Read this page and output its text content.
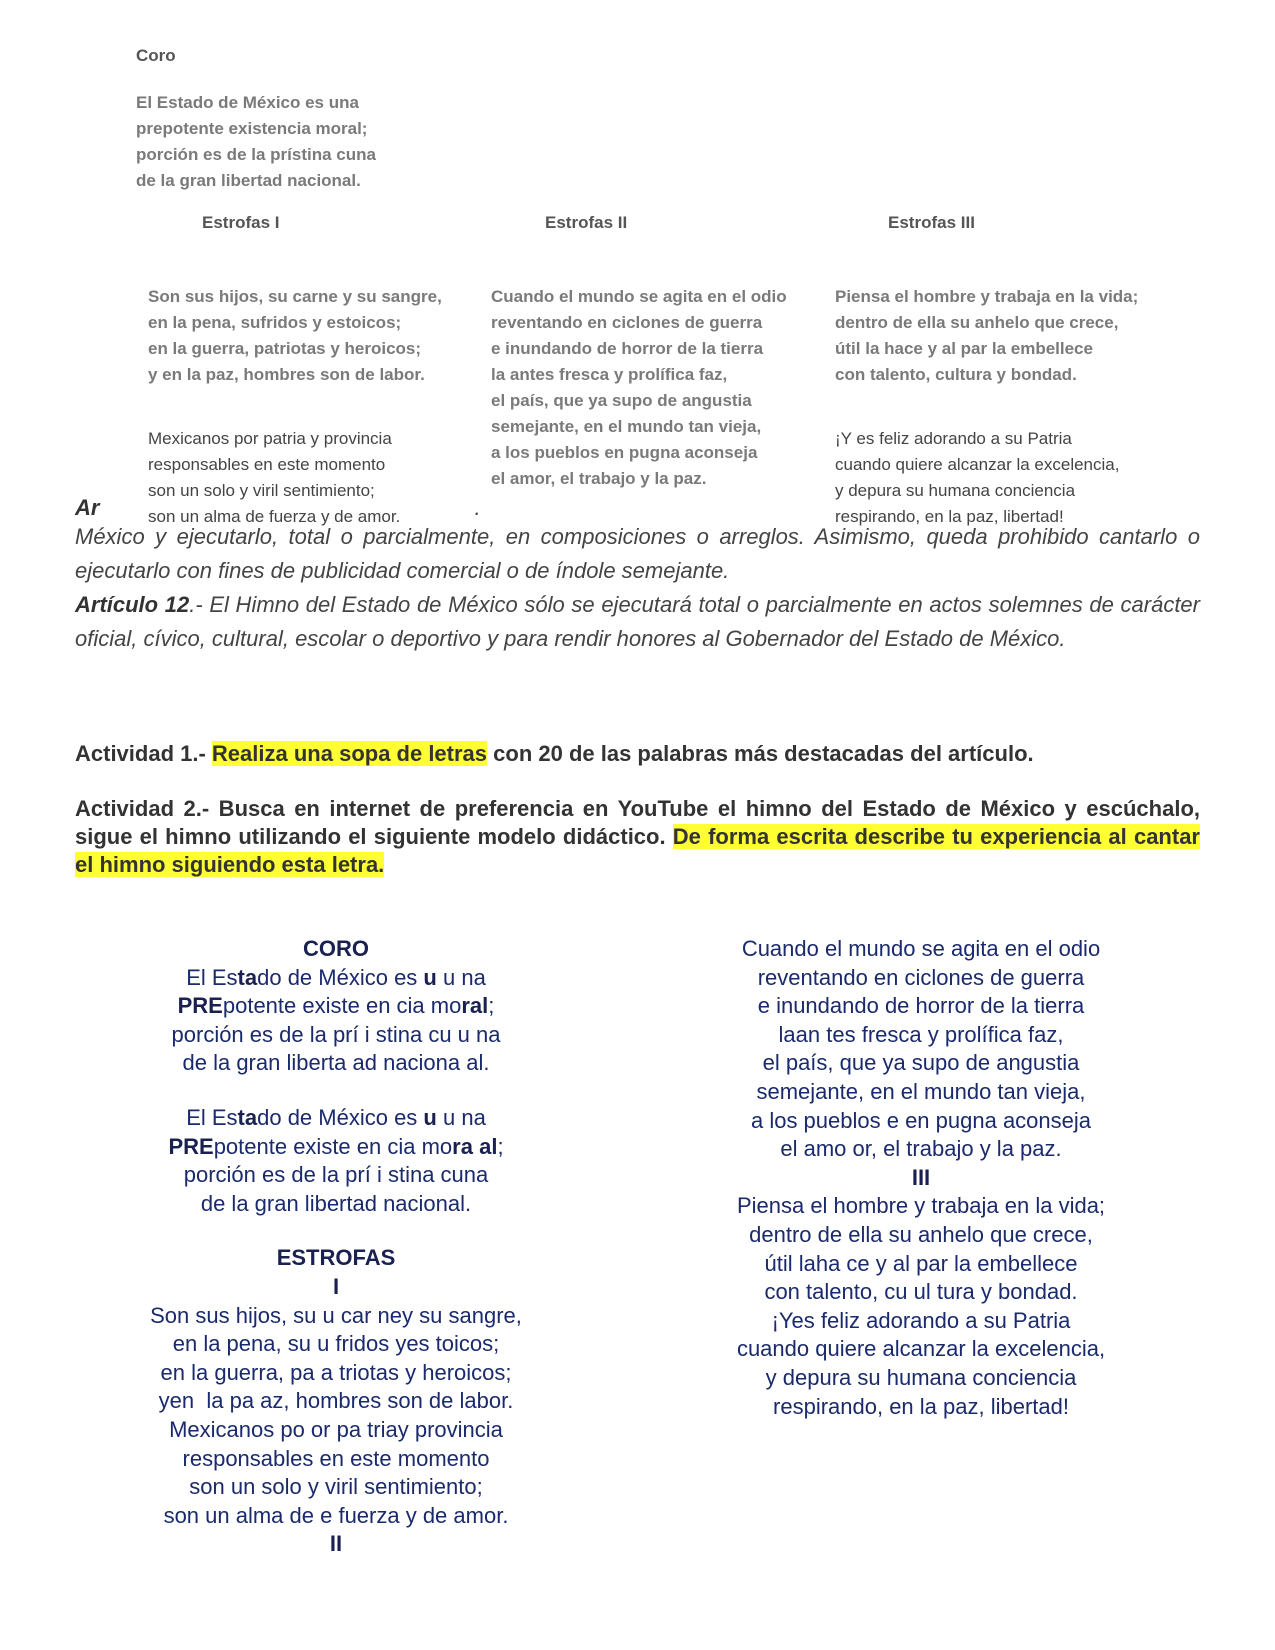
Coro
El Estado de México es una
prepotente existencia moral;
porción es de la prístina cuna
de la gran libertad nacional.
Estrofas I	Estrofas II	Estrofas III

Son sus hijos, su carne y su sangre,
en la pena, sufridos y estoicos;
en la guerra, patriotas y heroicos;
y en la paz, hombres son de labor.

Mexicanos por patria y provincia
responsables en este momento
son un solo y viril sentimiento;
son un alma de fuerza y de amor.

Cuando el mundo se agita en el odio
reventando en ciclones de guerra
e inundando de horror de la tierra
la antes fresca y prolífica faz,
el país, que ya supo de angustia
semejante, en el mundo tan vieja,
a los pueblos en pugna aconseja
el amor, el trabajo y la paz.

Piensa el hombre y trabaja en la vida;
dentro de ella su anhelo que crece,
útil la hace y al par la embellece
con talento, cultura y bondad.

¡Y es feliz adorando a su Patria
cuando quiere alcanzar la excelencia,
y depura su humana conciencia
respirando, en la paz, libertad!

Ar	.
México y ejecutarlo, total o parcialmente, en composiciones o arreglos. Asimismo, queda prohibido cantarlo o ejecutarlo con fines de publicidad comercial o de índole semejante.
Artículo 12.- El Himno del Estado de México sólo se ejecutará total o parcialmente en actos solemnes de carácter oficial, cívico, cultural, escolar o deportivo y para rendir honores al Gobernador del Estado de México.
Actividad 1.- Realiza una sopa de letras con 20 de las palabras más destacadas del artículo.
Actividad 2.- Busca en internet de preferencia en YouTube el himno del Estado de México y escúchalo, sigue el himno utilizando el siguiente modelo didáctico. De forma escrita describe tu experiencia al cantar el himno siguiendo esta letra.
CORO
El Estado de México es u u na
PREpotente existe en cia moral;
porción es de la prí i stina cu u na
de la gran liberta ad naciona al.
El Estado de México es u u na
PREpotente existe en cia mora al;
porción es de la prí i stina cuna
de la gran libertad nacional.
ESTROFAS
I
Son sus hijos, su u car ney su sangre,
en la pena, su u fridos yes toicos;
en la guerra, pa a triotas y heroicos;
yen  la pa az, hombres son de labor.
Mexicanos po or pa triay provincia
responsables en este momento
son un solo y viril sentimiento;
son un alma de e fuerza y de amor.
II
Cuando el mundo se agita en el odio
reventando en ciclones de guerra
e inundando de horror de la tierra
laan tes fresca y prolífica faz,
el país, que ya supo de angustia
semejante, en el mundo tan vieja,
a los pueblos e en pugna aconseja
el amo or, el trabajo y la paz.
III
Piensa el hombre y trabaja en la vida;
dentro de ella su anhelo que crece,
útil laha ce y al par la embellece
con talento, cu ul tura y bondad.
¡Yes feliz adorando a su Patria
cuando quiere alcanzar la excelencia,
y depura su humana conciencia
respirando, en la paz, libertad!
